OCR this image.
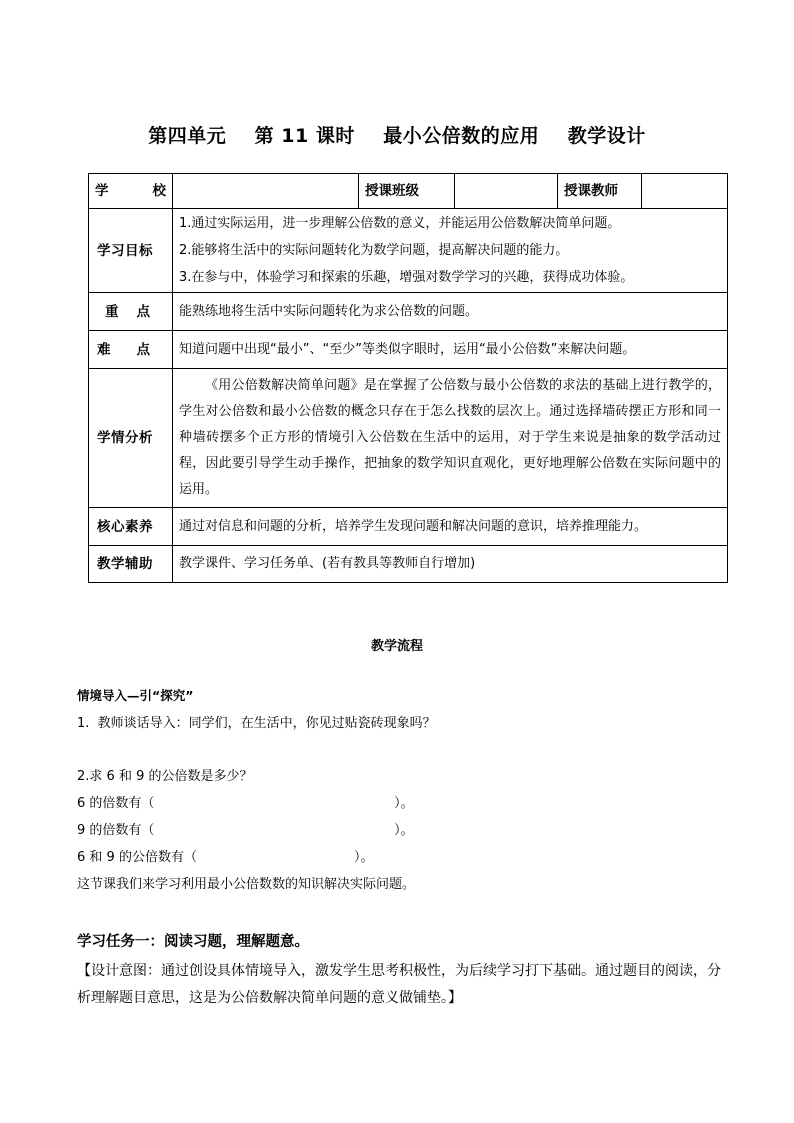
第四单元    第 11 课时    最小公倍数的应用    教学设计
学校		授课班级		授课教师	
学习目标	1.通过实际运用，进一步理解公倍数的意义，并能运用公倍数解决简单问题。
2.能够将生活中的实际问题转化为数学问题，提高解决问题的能力。
3.在参与中，体验学习和探索的乐趣，增强对数学学习的兴趣，获得成功体验。				

重点	能熟练地将生活中实际问题转化为求公倍数的问题。				
难点	知道问题中出现“最小”、“至少”等类似字眼时，运用“最小公倍数”来解决问题。				
学情分析	《用公倍数解决简单问题》是在掌握了公倍数与最小公倍数的求法的基础上进行教学的，学生对公倍数和最小公倍数的概念只存在于怎么找数的层次上。通过选择墙砖摆正方形和同一种墙砖摆多个正方形的情境引入公倍数在生活中的运用，对于学生来说是抽象的数学活动过程，因此要引导学生动手操作，把抽象的数学知识直观化，更好地理解公倍数在实际问题中的运用。				
核心素养	通过对信息和问题的分析，培养学生发现问题和解决问题的意识，培养推理能力。				
教学辅助	教学课件、学习任务单、(若有教具等教师自行增加)				
教学流程
情境导入—引“探究”
1.  教师谈话导入：同学们，在生活中，你见过贴瓷砖现象吗？
2.求 6 和 9 的公倍数是多少？
6 的倍数有（                                                          ）。
9 的倍数有（                                                          ）。
6 和 9 的公倍数有（                                      ）。
这节课我们来学习利用最小公倍数数的知识解决实际问题。
学习任务一：阅读习题，理解题意。
【设计意图：通过创设具体情境导入，激发学生思考积极性，为后续学习打下基础。通过题目的阅读，分析理解题目意思，这是为公倍数解决简单问题的意义做铺垫。】
